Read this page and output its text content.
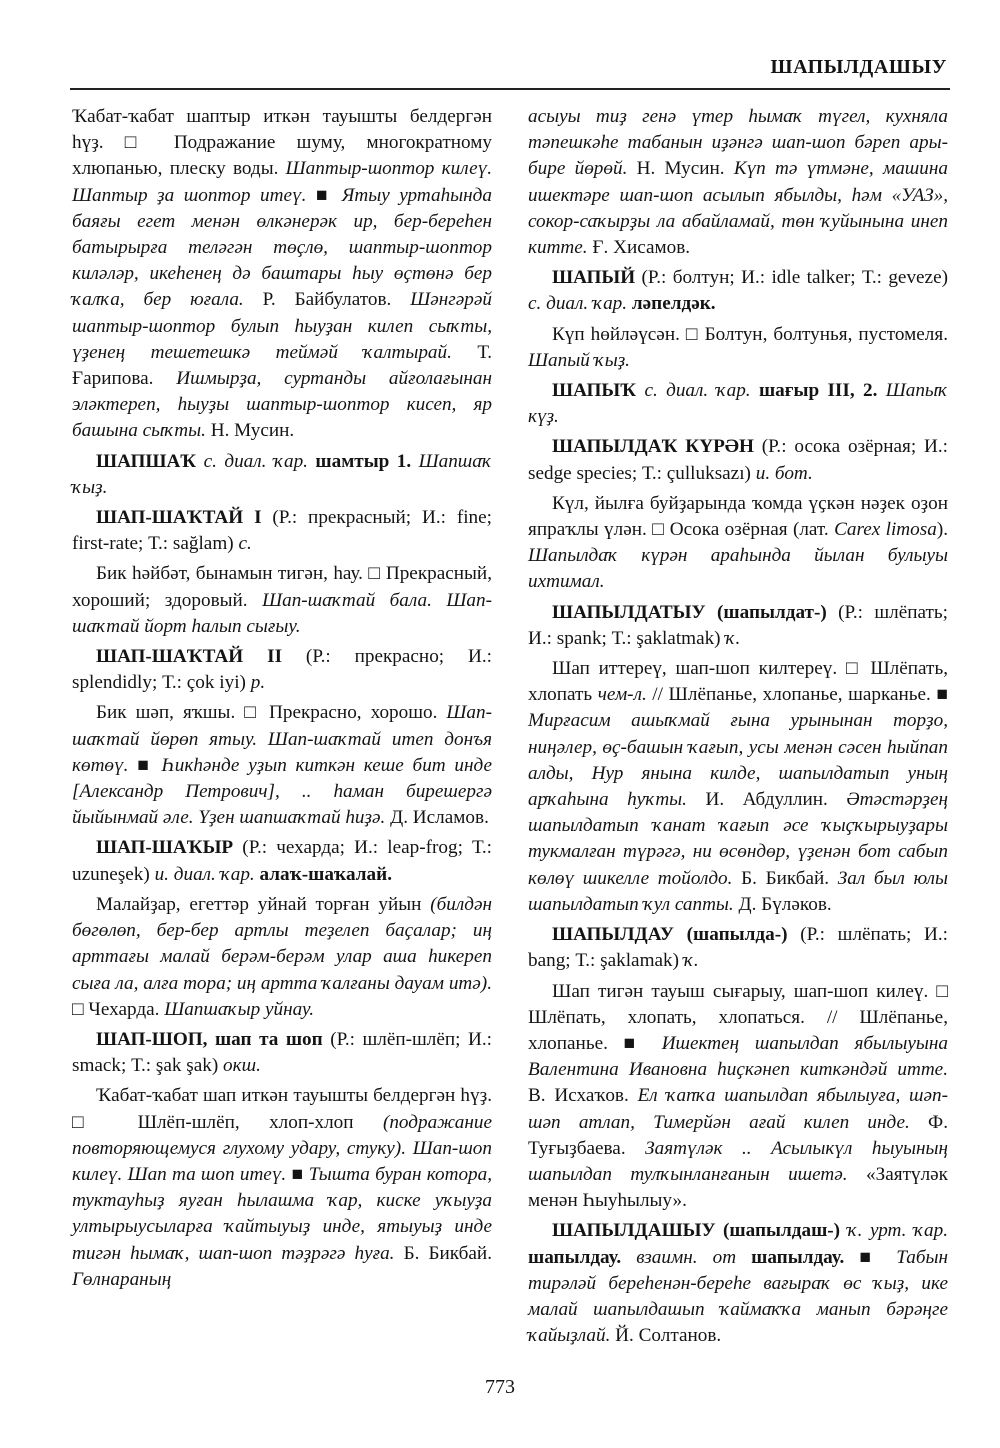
ШАПЫЛДАШЫУ

Ҡабат-ҡабат шаптыр иткән тауышты белдергән һүҙ. □ Подражание шуму, многократному хлюпанью, плеску воды. Шаптыр-шоптор килеү. Шаптыр ҙа шоптор итеү. ■ Ятыу уртаһында баяғы егет менән өлкәнерәк ир, бер-береһен батырырға теләгән төҫлө, шаптыр-шоптор киләләр, икеһенең дә баштары һыу өҫтөнә бер ҡалҡа, бер юғала. Р. Байбулатов. Шәнгәрәй шаптыр-шоптор булып һыуҙан килеп сыҡты, үҙенең тешетешкә теймәй ҡалтырай. Т. Ғарипова. Ишмырҙа, суртанды айғолағынан эләктереп, һыуҙы шаптыр-шоптор кисеп, яр башына сыҡты. Н. Мусин.

ШАПШАҠ с. диал. ҡар. шамтыр 1. Шапшаҡ ҡыҙ.

ШАП-ШАҠТАЙ I (Р.: прекрасный; И.: fine; first-rate; Т.: sağlam) с.

Бик һәйбәт, бынамын тигән, һау. □ Прекрасный, хороший; здоровый. Шап-шаҡтай бала. Шап-шаҡтай йорт һалып сығыу.

ШАП-ШАҠТАЙ II (Р.: прекрасно; И.: splendidly; Т.: çok iyi) р.

Бик шәп, яҡшы. □ Прекрасно, хорошо. Шап-шаҡтай йөрөп ятыу. Шап-шаҡтай итеп донъя көтөү. ■ Һикһәнде уҙып киткән кеше бит инде [Александр Петрович], .. һаман бирешергә йыйынмай әле. Үҙен шапшаҡтай һиҙә. Д. Исламов.

ШАП-ШАҠЫР (Р.: чехарда; И.: leap-frog; Т.: uzuneşek) и. диал. ҡар. алаҡ-шаҡалай.

Малайҙар, егеттәр уйнай торған уйын (билдән бөгөлөп, бер-бер артлы теҙелеп баҫалар; иң арттағы малай берәм-берәм улар аша һикереп сыға ла, алға тора; иң артта ҡалғаны дауам итә). □ Чехарда. Шапшаҡыр уйнау.

ШАП-ШОП, шап та шоп (Р.: шлёп-шлёп; И.: smack; Т.: şak şak) окш.

Ҡабат-ҡабат шап иткән тауышты белдергән һүҙ. □ Шлёп-шлёп, хлоп-хлоп (подражание повторяющемуся глухому удару, стуку). Шап-шоп килеү. Шап та шоп итеү. ■ Тышта буран котора, туктауһыҙ яуған һылашма ҡар, киске уҡыуҙа ултырыусыларға ҡайтыуыҙ инде, ятыуыҙ инде тигән һымаҡ, шап-шоп тәҙрәгә һуға. Б. Бикбай. Гөлнараның

асыуы тиҙ генә үтер һымаҡ түгел, кухняла тәпешкәһе табанын иҙәнгә шап-шоп бәреп ары-бире йөрөй. Н. Мусин. Күп тә үтмәне, машина ишектәре шап-шоп асылып ябылды, һәм «УАЗ», сокор-саҡырҙы ла абайламай, төн ҡуйынына инеп китте. Ғ. Хисамов.

ШАПЫЙ (Р.: болтун; И.: idle talker; Т.: geveze) с. диал. ҡар. ләпелдәк.

Күп һөйләүсән. □ Болтун, болтунья, пустомеля. Шапый ҡыҙ.

ШАПЫҠ с. диал. ҡар. шағыр III, 2. Шапыҡ күҙ.

ШАПЫЛДАҠ КҮРӘН (Р.: осока озёрная; И.: sedge species; Т.: çulluksazı) и. бот.

Күл, йылға буйҙарында ҡомда үҫкән нәҙек оҙон япраҡлы үлән. □ Осока озёрная (лат. Carex limosa). Шапылдаҡ күрән араһында йылан булыуы ихтимал.

ШАПЫЛДАТЫУ (шапылдат-) (Р.: шлёпать; И.: spank; Т.: şaklatmak) ҡ.

Шап иттереү, шап-шоп килтереү. □ Шлёпать, хлопать чем-л. // Шлёпанье, хлопанье, шарканье. ■ Мирғасим ашыҡмай ғына урынынан торҙо, ниңәлер, өҫ-башын ҡағып, усы менән сәсен һыйпап алды, Нур янына килде, шапылдатып уның арҡаһына һуҡты. И. Абдуллин. Әтәстәрҙең шапылдатып ҡанат ҡағып әсе ҡыҫҡырыуҙары тукмалған түрәгә, ни өсөндөр, үҙенән бот сабып көлөү шикелле тойолдо. Б. Бикбай. Зал был юлы шапылдатып ҡул сапты. Д. Бүләков.

ШАПЫЛДАУ (шапылда-) (Р.: шлёпать; И.: bang; Т.: şaklamak) ҡ.

Шап тигән тауыш сығарыу, шап-шоп килеү. □ Шлёпать, хлопать, хлопаться. // Шлёпанье, хлопанье. ■ Ишектең шапылдап ябылыуына Валентина Ивановна һиҫкәнеп киткәндәй итте. В. Исхаҡов. Ел ҡапҡа шапылдап ябылыуға, шәп-шәп атлап, Тимерйән ағай килеп инде. Ф. Туғыҙбаева. Заятүләк .. Асылыкүл һыуының шапылдап тулҡынланғанын ишетә. «Заятүләк менән Һыуһылыу».

ШАПЫЛДАШЫУ (шапылдаш-) ҡ. урт. ҡар. шапылдау. взаимн. от шапылдау. ■ Табын тирәләй береһенән-береһе вағыраҡ өс ҡыҙ, ике малай шапылдашып ҡаймаҡҡа манып бәрәңге ҡайыҙлай. Й. Солтанов.

773
